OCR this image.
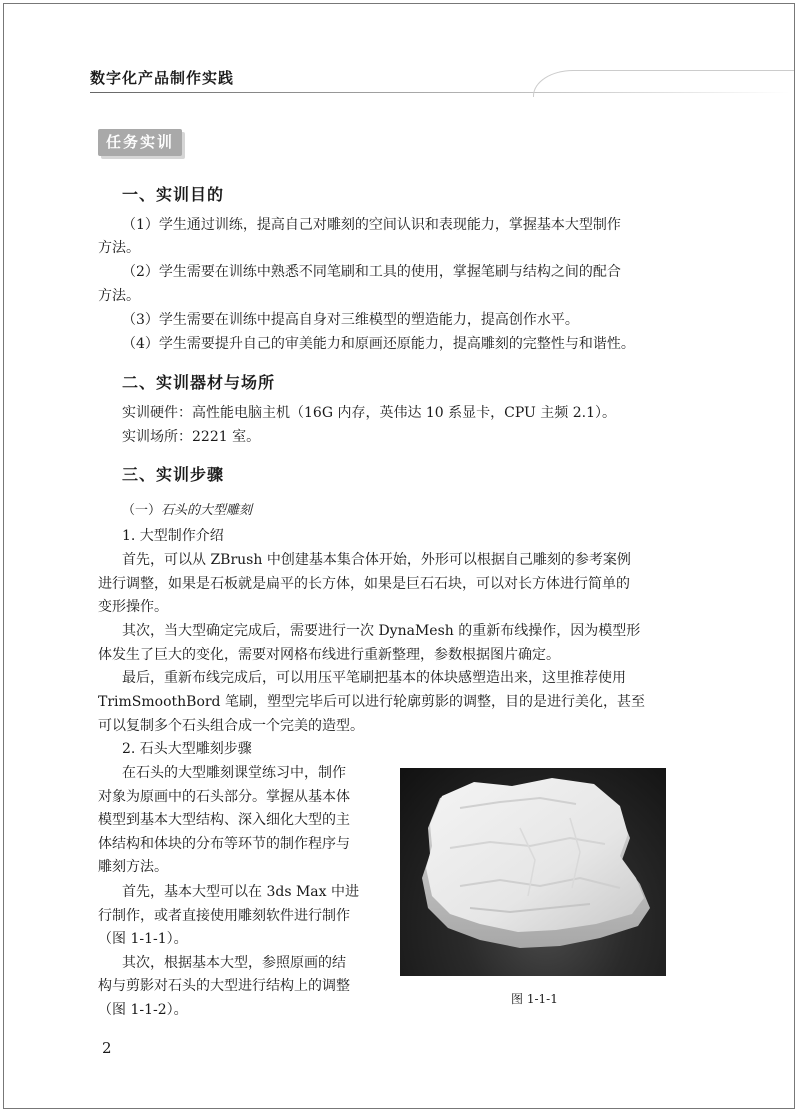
数字化产品制作实践
任务实训
一、实训目的
（1）学生通过训练，提高自己对雕刻的空间认识和表现能力，掌握基本大型制作
方法。
（2）学生需要在训练中熟悉不同笔刷和工具的使用，掌握笔刷与结构之间的配合
方法。
（3）学生需要在训练中提高自身对三维模型的塑造能力，提高创作水平。
（4）学生需要提升自己的审美能力和原画还原能力，提高雕刻的完整性与和谐性。
二、实训器材与场所
实训硬件：高性能电脑主机（16G 内存，英伟达 10 系显卡，CPU 主频 2.1）。
实训场所：2221 室。
三、实训步骤
（一）石头的大型雕刻
1. 大型制作介绍
首先，可以从 ZBrush 中创建基本集合体开始，外形可以根据自己雕刻的参考案例
进行调整，如果是石板就是扁平的长方体，如果是巨石石块，可以对长方体进行简单的
变形操作。
其次，当大型确定完成后，需要进行一次 DynaMesh 的重新布线操作，因为模型形
体发生了巨大的变化，需要对网格布线进行重新整理，参数根据图片确定。
最后，重新布线完成后，可以用压平笔刷把基本的体块感塑造出来，这里推荐使用
TrimSmoothBord 笔刷，塑型完毕后可以进行轮廓剪影的调整，目的是进行美化，甚至
可以复制多个石头组合成一个完美的造型。
2. 石头大型雕刻步骤
在石头的大型雕刻课堂练习中，制作
对象为原画中的石头部分。掌握从基本体
模型到基本大型结构、深入细化大型的主
体结构和体块的分布等环节的制作程序与
雕刻方法。
首先，基本大型可以在 3ds Max 中进
行制作，或者直接使用雕刻软件进行制作
（图 1-1-1）。
其次，根据基本大型，参照原画的结
构与剪影对石头的大型进行结构上的调整
（图 1-1-2）。
图 1-1-1
2
